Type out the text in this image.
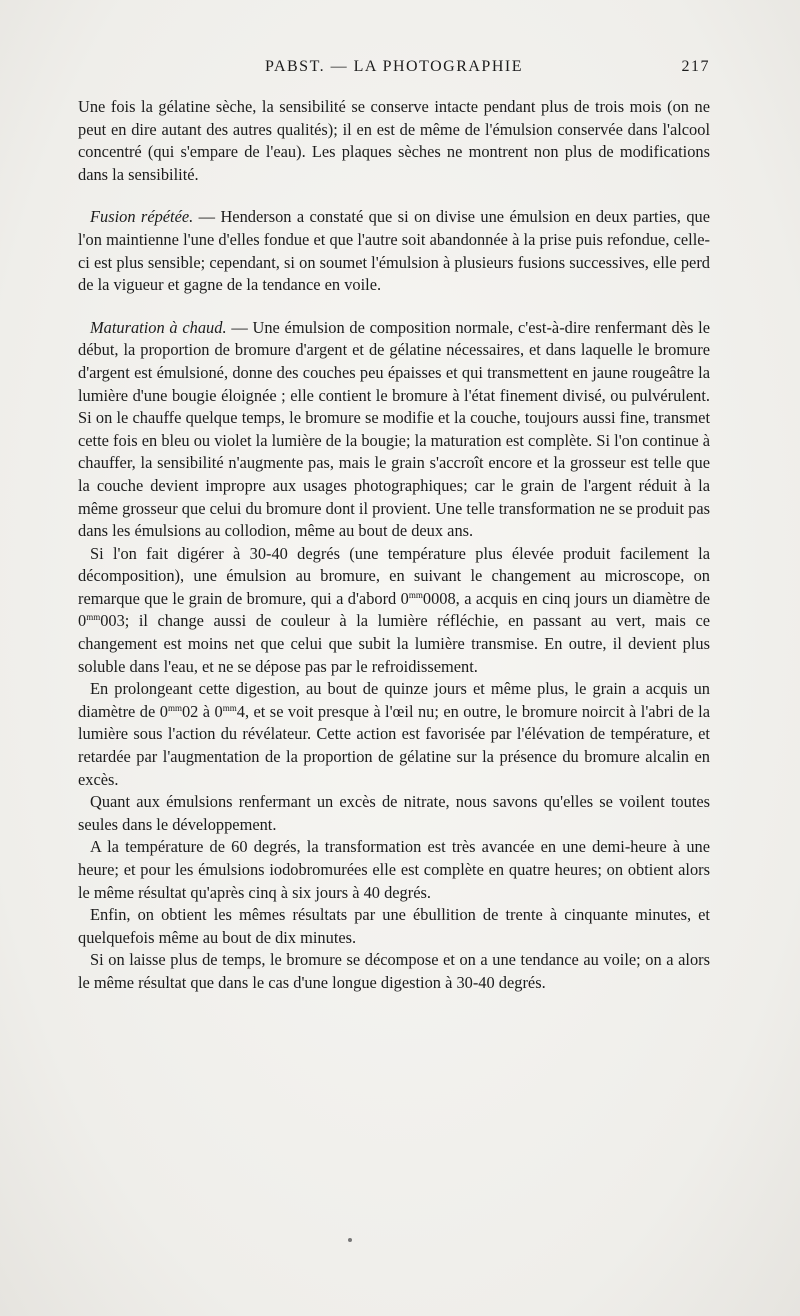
PABST. — LA PHOTOGRAPHIE	217

Une fois la gélatine sèche, la sensibilité se conserve intacte pendant plus de trois mois (on ne peut en dire autant des autres qualités); il en est de même de l'émulsion conservée dans l'alcool concentré (qui s'empare de l'eau). Les plaques sèches ne montrent non plus de modifications dans la sensibilité.

Fusion répétée. — Henderson a constaté que si on divise une émulsion en deux parties, que l'on maintienne l'une d'elles fondue et que l'autre soit abandonnée à la prise puis refondue, celle-ci est plus sensible; cependant, si on soumet l'émulsion à plusieurs fusions successives, elle perd de la vigueur et gagne de la tendance en voile.

Maturation à chaud. — Une émulsion de composition normale, c'est-à-dire renfermant dès le début, la proportion de bromure d'argent et de gélatine nécessaires, et dans laquelle le bromure d'argent est émulsioné, donne des couches peu épaisses et qui transmettent en jaune rougeâtre la lumière d'une bougie éloignée ; elle contient le bromure à l'état finement divisé, ou pulvérulent. Si on le chauffe quelque temps, le bromure se modifie et la couche, toujours aussi fine, transmet cette fois en bleu ou violet la lumière de la bougie; la maturation est complète. Si l'on continue à chauffer, la sensibilité n'augmente pas, mais le grain s'accroît encore et la grosseur est telle que la couche devient impropre aux usages photographiques; car le grain de l'argent réduit à la même grosseur que celui du bromure dont il provient. Une telle transformation ne se produit pas dans les émulsions au collodion, même au bout de deux ans.

Si l'on fait digérer à 30-40 degrés (une température plus élevée produit facilement la décomposition), une émulsion au bromure, en suivant le changement au microscope, on remarque que le grain de bromure, qui a d'abord $0^{mm}0008$, a acquis en cinq jours un diamètre de $0^{mm}003$; il change aussi de couleur à la lumière réfléchie, en passant au vert, mais ce changement est moins net que celui que subit la lumière transmise. En outre, il devient plus soluble dans l'eau, et ne se dépose pas par le refroidissement.

En prolongeant cette digestion, au bout de quinze jours et même plus, le grain a acquis un diamètre de $0^{mm}02$ à $0^{mm}4$, et se voit presque à l'œil nu; en outre, le bromure noircit à l'abri de la lumière sous l'action du révélateur. Cette action est favorisée par l'élévation de température, et retardée par l'augmentation de la proportion de gélatine sur la présence du bromure alcalin en excès.

Quant aux émulsions renfermant un excès de nitrate, nous savons qu'elles se voilent toutes seules dans le développement.

A la température de 60 degrés, la transformation est très avancée en une demi-heure à une heure; et pour les émulsions iodobromurées elle est complète en quatre heures; on obtient alors le même résultat qu'après cinq à six jours à 40 degrés.

Enfin, on obtient les mêmes résultats par une ébullition de trente à cinquante minutes, et quelquefois même au bout de dix minutes.

Si on laisse plus de temps, le bromure se décompose et on a une tendance au voile; on a alors le même résultat que dans le cas d'une longue digestion à 30-40 degrés.
